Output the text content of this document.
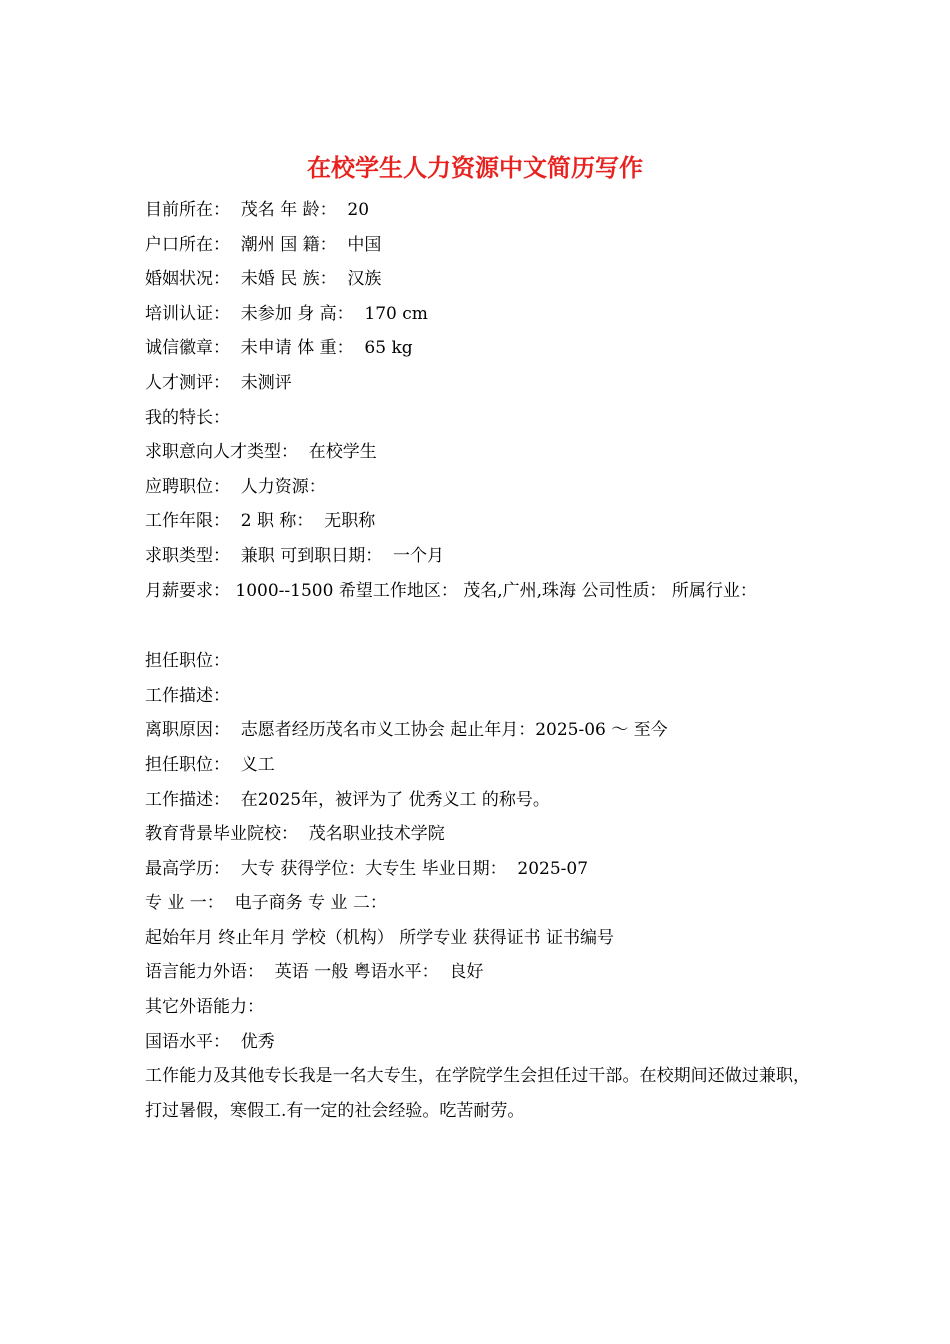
在校学生人力资源中文简历写作
目前所在：  茂名 年 龄：  20
户口所在：  潮州 国 籍：  中国
婚姻状况：  未婚 民 族：  汉族
培训认证：  未参加 身 高：  170 cm
诚信徽章：  未申请 体 重：  65 kg
人才测评：  未测评
我的特长：
求职意向人才类型：  在校学生
应聘职位：  人力资源：
工作年限：  2 职 称：  无职称
求职类型：  兼职 可到职日期：  一个月
月薪要求： 1000--1500 希望工作地区： 茂名,广州,珠海 公司性质： 所属行业：
担任职位：
工作描述：
离职原因：  志愿者经历茂名市义工协会 起止年月：2025-06 ～ 至今
担任职位：  义工
工作描述：  在2025年，被评为了 优秀义工 的称号。
教育背景毕业院校：  茂名职业技术学院
最高学历：  大专 获得学位：大专生 毕业日期：  2025-07
专 业 一：  电子商务 专 业 二：
起始年月 终止年月 学校（机构） 所学专业 获得证书 证书编号
语言能力外语：  英语 一般 粤语水平：  良好
其它外语能力：
国语水平：  优秀
工作能力及其他专长我是一名大专生，在学院学生会担任过干部。在校期间还做过兼职，打过暑假，寒假工.有一定的社会经验。吃苦耐劳。
